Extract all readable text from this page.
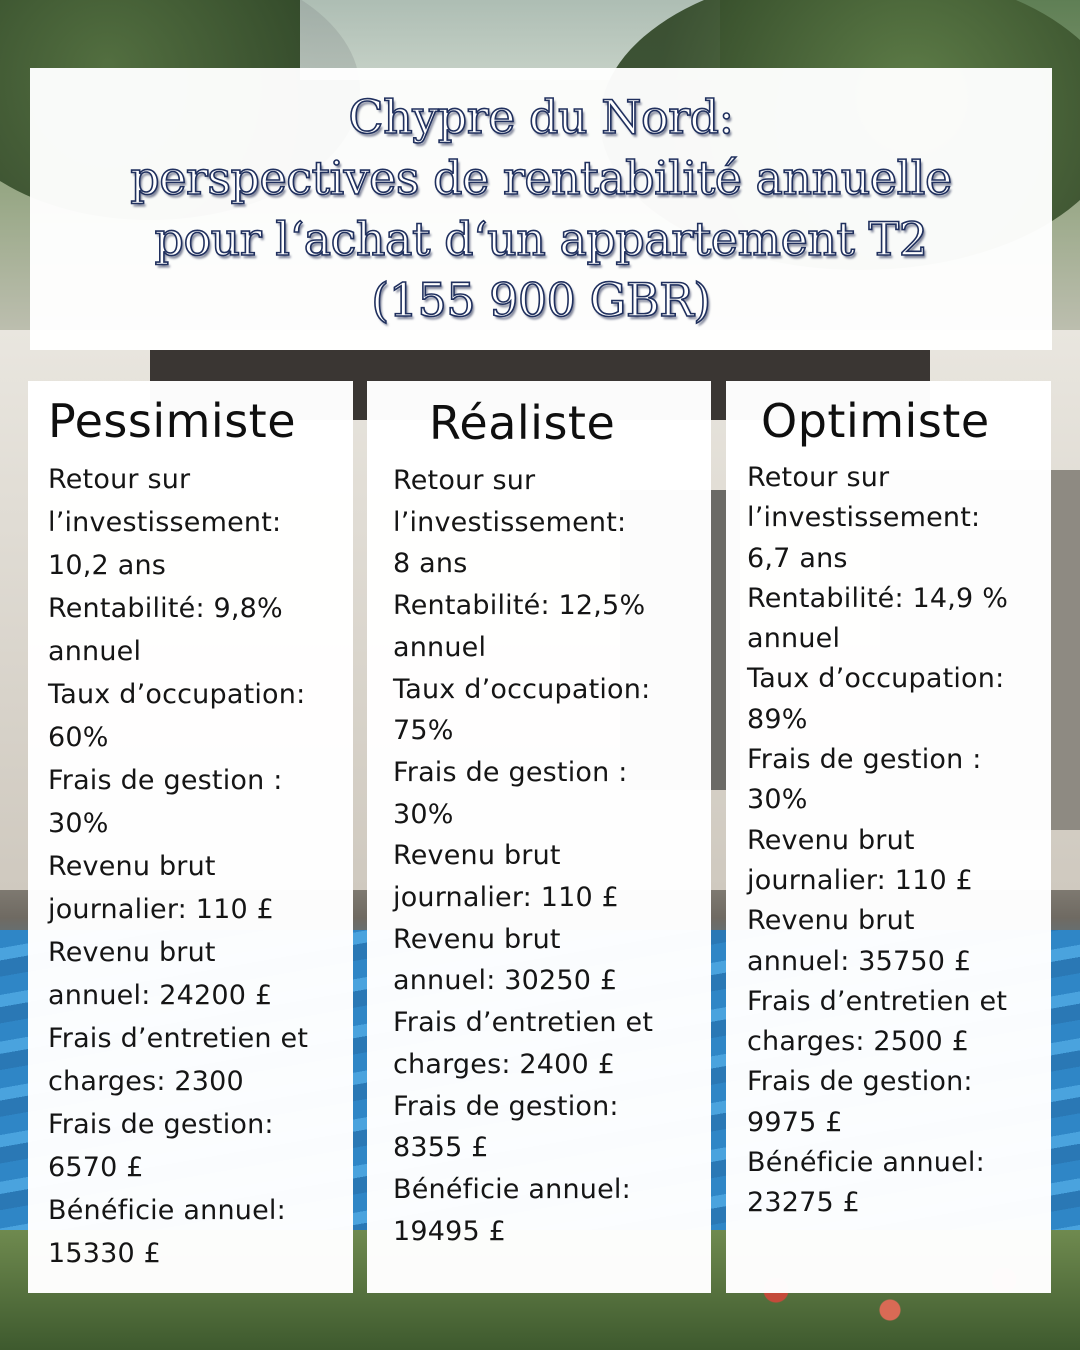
Chypre du Nord:
perspectives de rentabilité annuelle
pour l‘achat d‘un appartement T2
(155 900 GBR)
Pessimiste
Retour sur
l’investissement:
10,2 ans
Rentabilité: 9,8%
annuel
Taux d’occupation:
60%
Frais de gestion :
30%
Revenu brut
journalier: 110 £
Revenu brut
annuel: 24200 £
Frais d’entretien et
charges: 2300
Frais de gestion:
6570 £
Bénéficie annuel:
15330 £
Réaliste
Retour sur
l’investissement:
8 ans
Rentabilité: 12,5%
annuel
Taux d’occupation:
75%
Frais de gestion :
30%
Revenu brut
journalier: 110 £
Revenu brut
annuel: 30250 £
Frais d’entretien et
charges: 2400 £
Frais de gestion:
8355 £
Bénéficie annuel:
19495 £
Optimiste
Retour sur
l’investissement:
6,7 ans
Rentabilité: 14,9 %
annuel
Taux d’occupation:
89%
Frais de gestion :
30%
Revenu brut
journalier: 110 £
Revenu brut
annuel: 35750 £
Frais d’entretien et
charges: 2500 £
Frais de gestion:
9975 £
Bénéficie annuel:
23275 £
